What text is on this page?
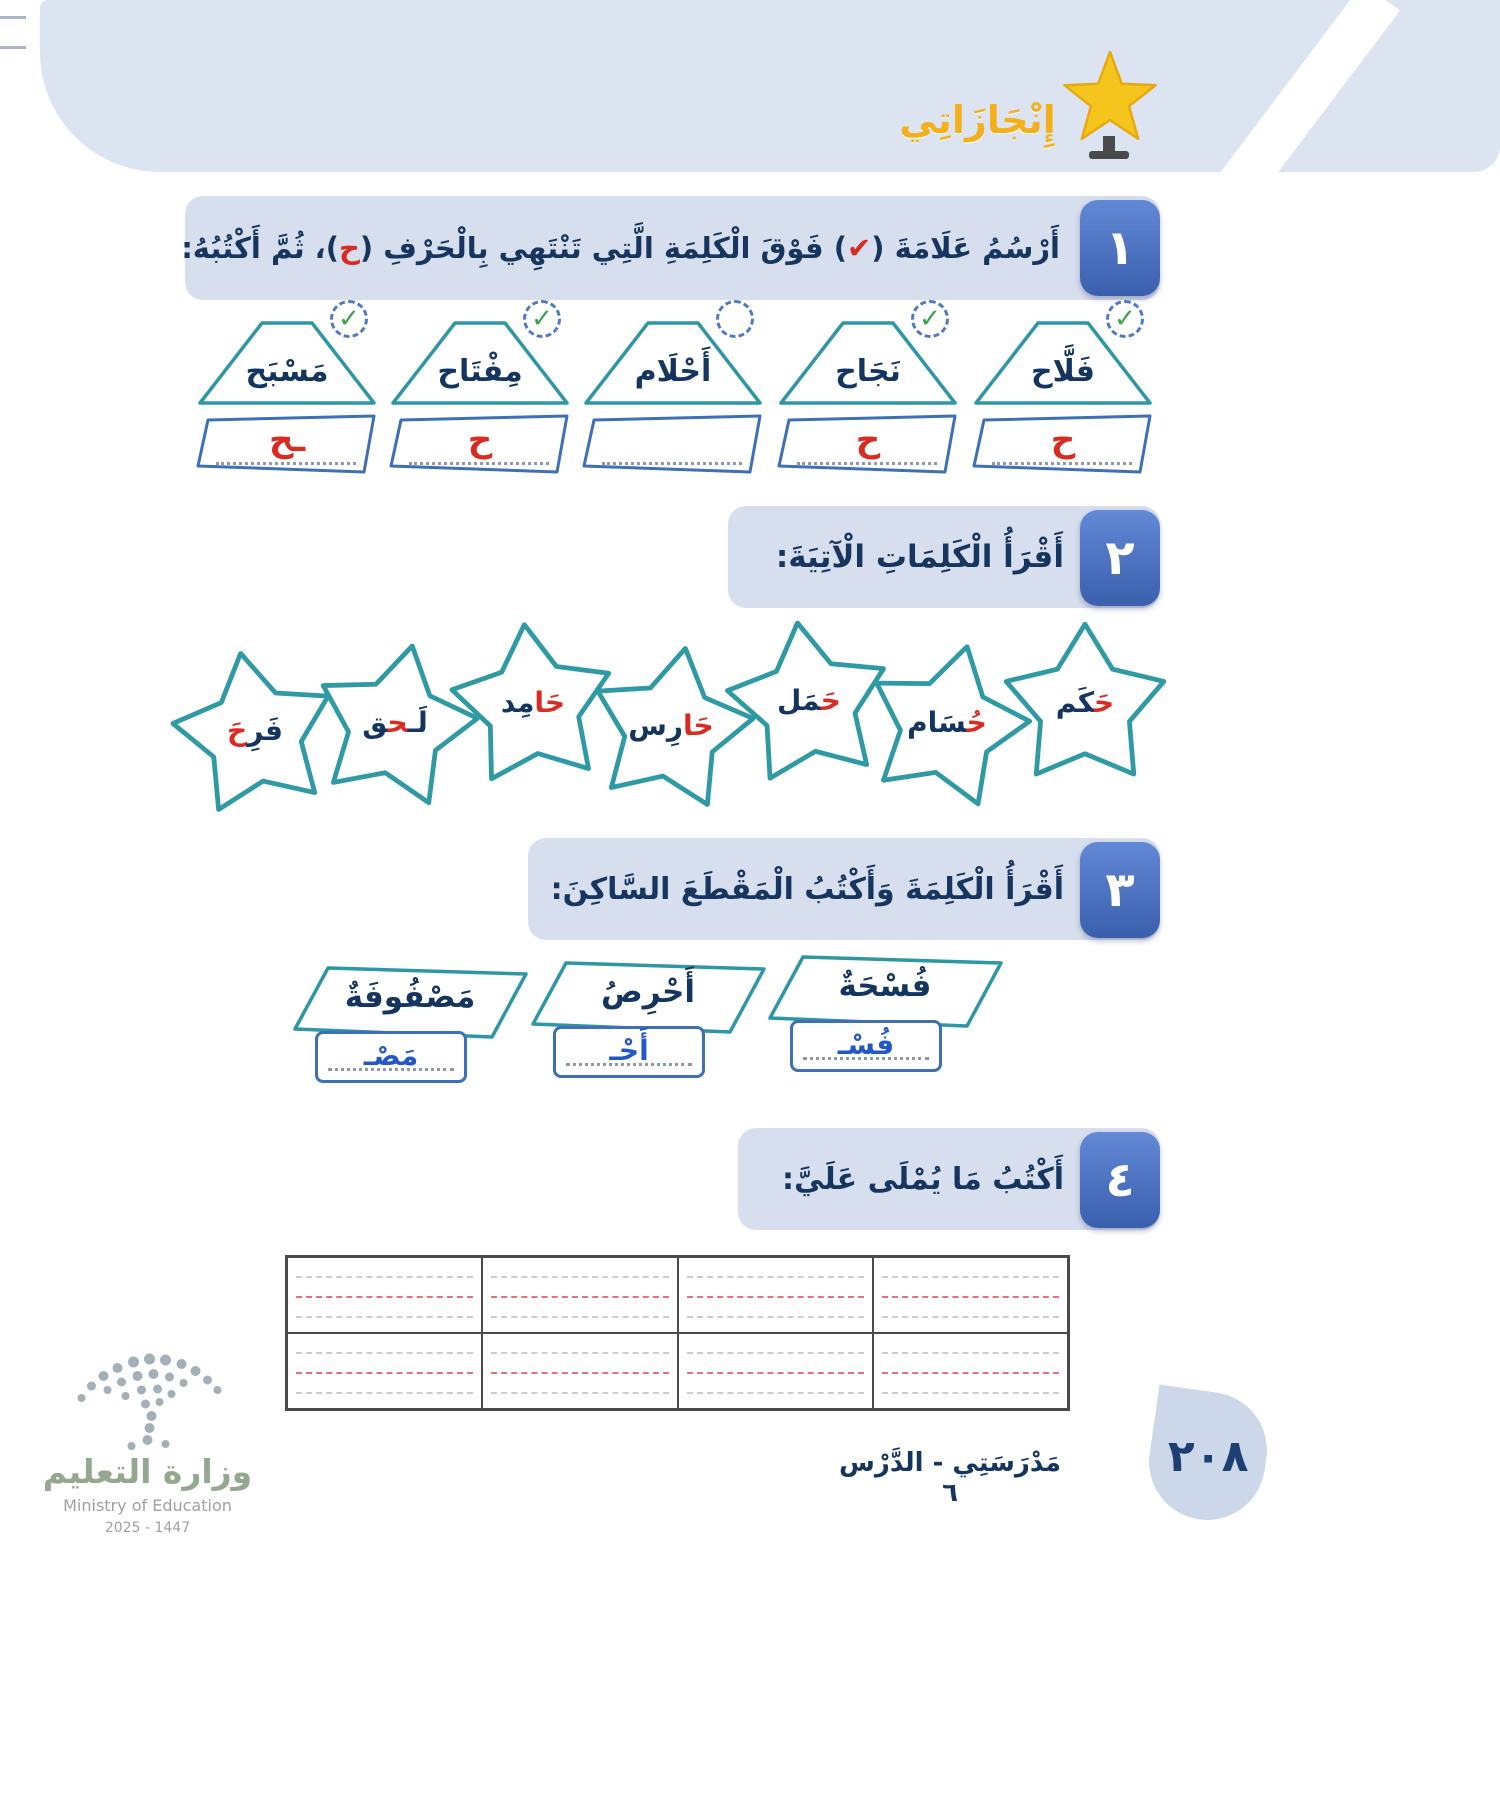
إِنْجَازَاتِي
١
أَرْسُمُ عَلَامَةَ (
✔
) فَوْقَ الْكَلِمَةِ الَّتِي تَنْتَهِي بِالْحَرْفِ (
ح
)، ثُمَّ أَكْتُبُهُ:
فَلَّاح
✓
ح
نَجَاح
✓
ح
أَحْلَام
مِفْتَاح
✓
ح
مَسْبَح
✓
ـح
٢
أَقْرَأُ الْكَلِمَاتِ الْآتِيَةَ:
حَ‍‍كَم
حُ‍‍سَام
حَ‍‍مَل
حَارِس
حَامِد
لَـ‍ح‍‍ق
فَرِحَ
٣
أَقْرَأُ الْكَلِمَةَ وَأَكْتُبُ الْمَقْطَعَ السَّاكِنَ:
فُسْحَةٌ
فُسْـ
أَحْرِصُ
أَحْـ
مَصْفُوفَةٌ
مَصْـ
٤
أَكْتُبُ مَا يُمْلَى عَلَيَّ:
وزارة التعليم
Ministry of Education
2025 - 1447
مَدْرَسَتِي - الدَّرْس ٦
٢٠٨
